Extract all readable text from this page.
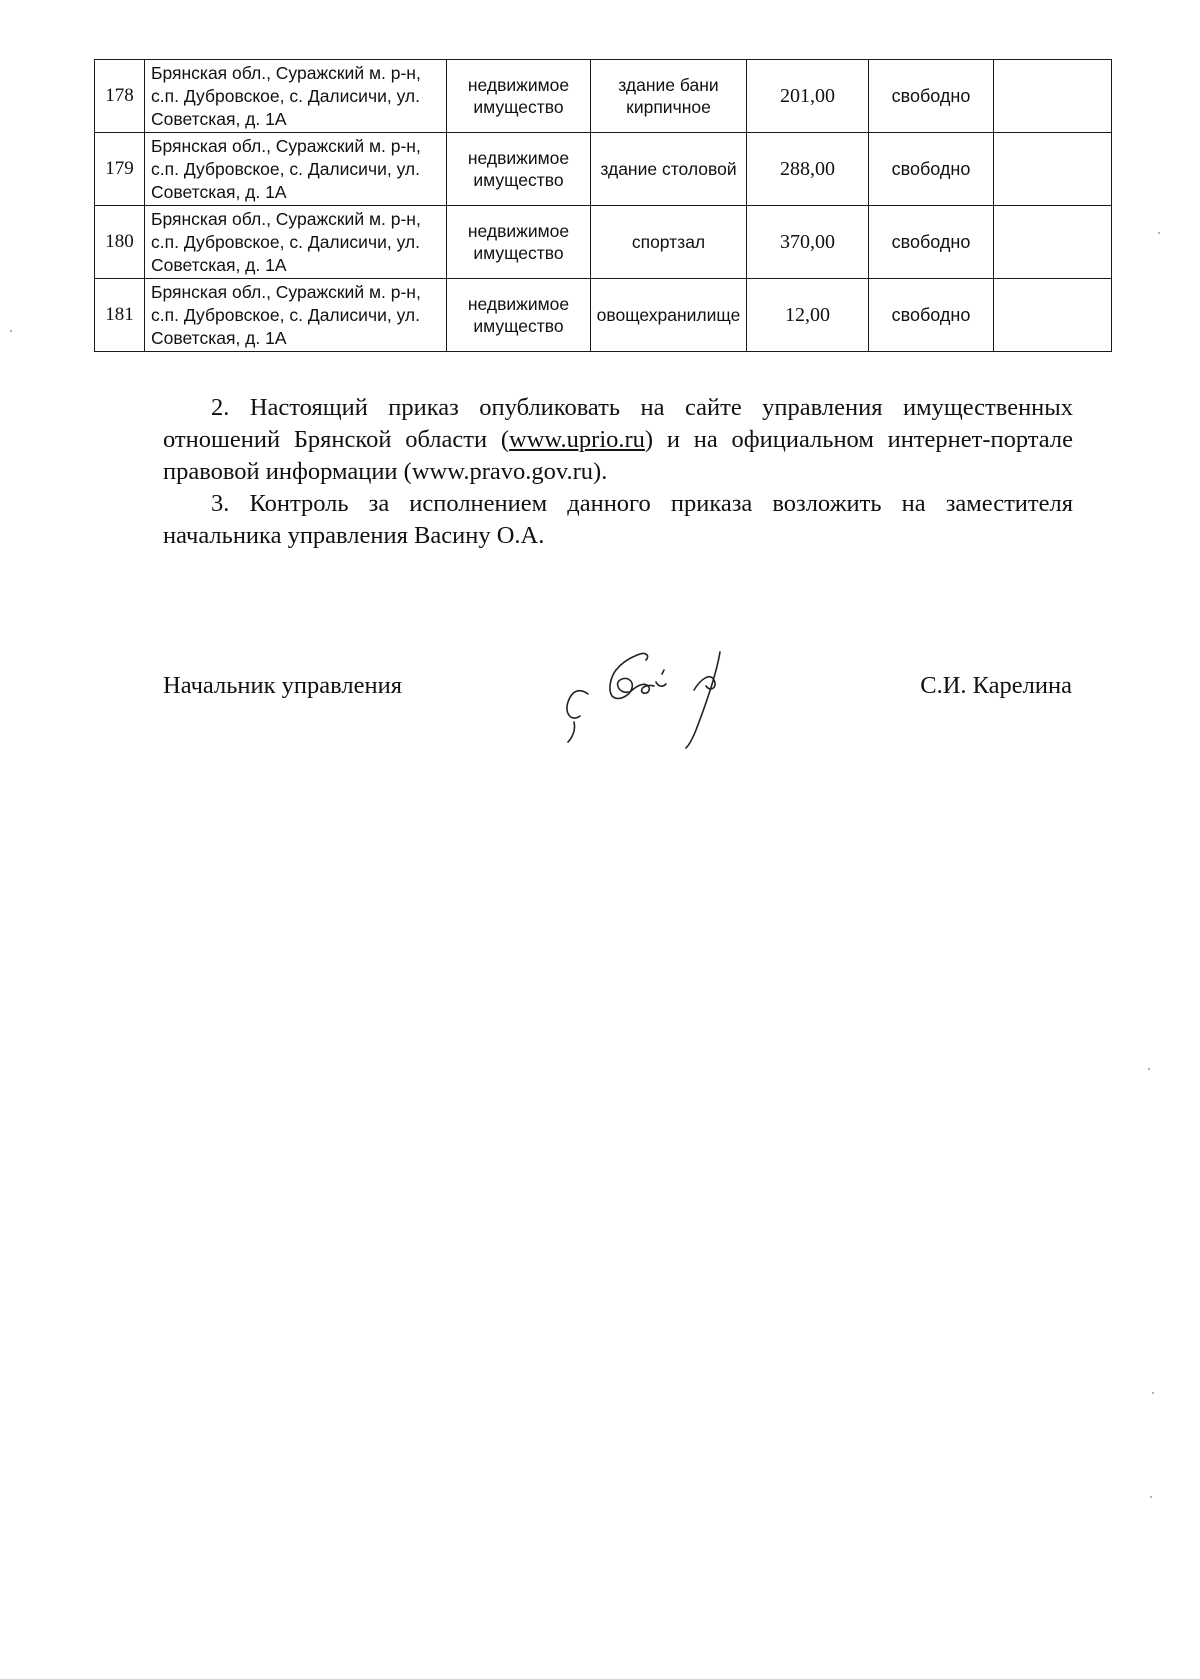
178	Брянская обл., Суражский м. р-н, с.п. Дубровское, с. Далисичи, ул. Советская, д. 1А	недвижимое имущество	здание бани кирпичное	201,00	свободно	
179	Брянская обл., Суражский м. р-н, с.п. Дубровское, с. Далисичи, ул. Советская, д. 1А	недвижимое имущество	здание столовой	288,00	свободно	
180	Брянская обл., Суражский м. р-н, с.п. Дубровское, с. Далисичи, ул. Советская, д. 1А	недвижимое имущество	спортзал	370,00	свободно	
181	Брянская обл., Суражский м. р-н, с.п. Дубровское, с. Далисичи, ул. Советская, д. 1А	недвижимое имущество	овощехранилище	12,00	свободно	
2. Настоящий приказ опубликовать на сайте управления имущественных отношений Брянской области (www.uprio.ru) и на официальном интернет-портале правовой информации (www.pravo.gov.ru).
3. Контроль за исполнением данного приказа возложить на заместителя начальника управления Васину О.А.
Начальник управления	С.И. Карелина
